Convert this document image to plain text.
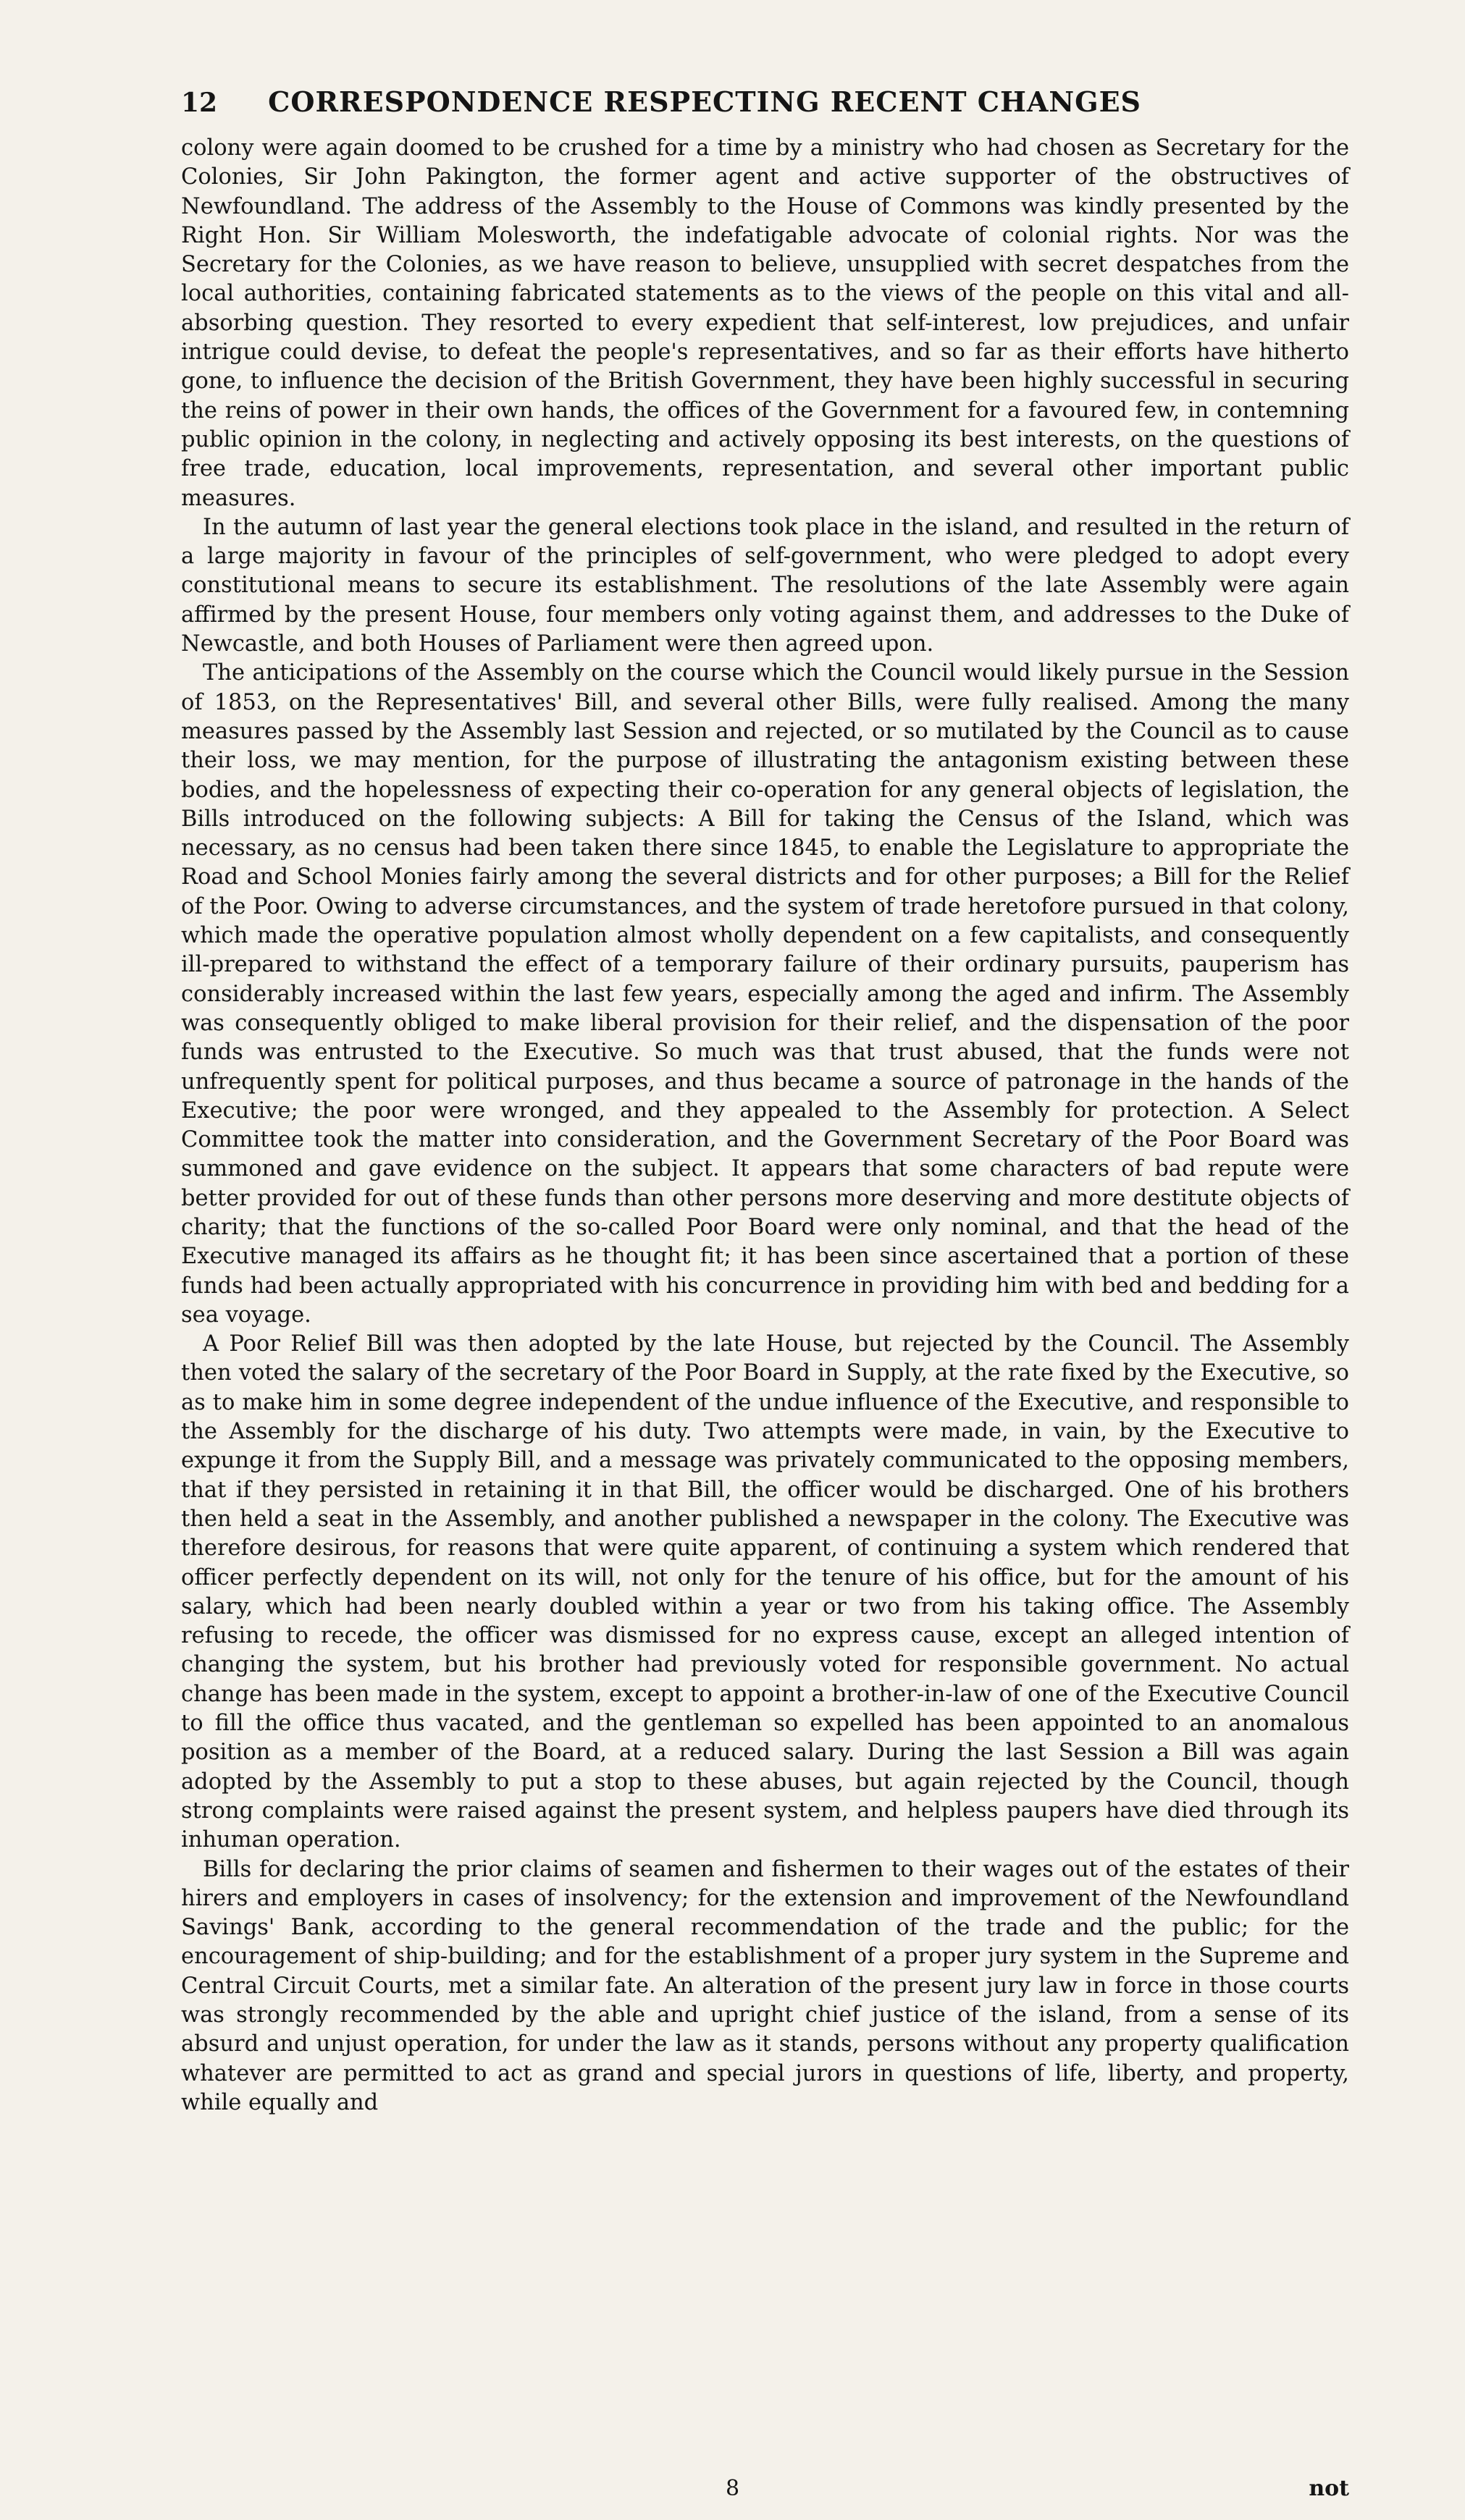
12 CORRESPONDENCE RESPECTING RECENT CHANGES

colony were again doomed to be crushed for a time by a ministry who had chosen as Secretary for the Colonies, Sir John Pakington, the former agent and active supporter of the obstructives of Newfoundland. The address of the Assembly to the House of Commons was kindly presented by the Right Hon. Sir William Molesworth, the indefatigable advocate of colonial rights. Nor was the Secretary for the Colonies, as we have reason to believe, unsupplied with secret despatches from the local authorities, containing fabricated statements as to the views of the people on this vital and all-absorbing question. They resorted to every expedient that self-interest, low prejudices, and unfair intrigue could devise, to defeat the people's representatives, and so far as their efforts have hitherto gone, to influence the decision of the British Government, they have been highly successful in securing the reins of power in their own hands, the offices of the Government for a favoured few, in contemning public opinion in the colony, in neglecting and actively opposing its best interests, on the questions of free trade, education, local improvements, representation, and several other important public measures.

In the autumn of last year the general elections took place in the island, and resulted in the return of a large majority in favour of the principles of self-government, who were pledged to adopt every constitutional means to secure its establishment. The resolutions of the late Assembly were again affirmed by the present House, four members only voting against them, and addresses to the Duke of Newcastle, and both Houses of Parliament were then agreed upon.

The anticipations of the Assembly on the course which the Council would likely pursue in the Session of 1853, on the Representatives' Bill, and several other Bills, were fully realised. Among the many measures passed by the Assembly last Session and rejected, or so mutilated by the Council as to cause their loss, we may mention, for the purpose of illustrating the antagonism existing between these bodies, and the hopelessness of expecting their co-operation for any general objects of legislation, the Bills introduced on the following subjects: A Bill for taking the Census of the Island, which was necessary, as no census had been taken there since 1845, to enable the Legislature to appropriate the Road and School Monies fairly among the several districts and for other purposes; a Bill for the Relief of the Poor. Owing to adverse circumstances, and the system of trade heretofore pursued in that colony, which made the operative population almost wholly dependent on a few capitalists, and consequently ill-prepared to withstand the effect of a temporary failure of their ordinary pursuits, pauperism has considerably increased within the last few years, especially among the aged and infirm. The Assembly was consequently obliged to make liberal provision for their relief, and the dispensation of the poor funds was entrusted to the Executive. So much was that trust abused, that the funds were not unfrequently spent for political purposes, and thus became a source of patronage in the hands of the Executive; the poor were wronged, and they appealed to the Assembly for protection. A Select Committee took the matter into consideration, and the Government Secretary of the Poor Board was summoned and gave evidence on the subject. It appears that some characters of bad repute were better provided for out of these funds than other persons more deserving and more destitute objects of charity; that the functions of the so-called Poor Board were only nominal, and that the head of the Executive managed its affairs as he thought fit; it has been since ascertained that a portion of these funds had been actually appropriated with his concurrence in providing him with bed and bedding for a sea voyage.

A Poor Relief Bill was then adopted by the late House, but rejected by the Council. The Assembly then voted the salary of the secretary of the Poor Board in Supply, at the rate fixed by the Executive, so as to make him in some degree independent of the undue influence of the Executive, and responsible to the Assembly for the discharge of his duty. Two attempts were made, in vain, by the Executive to expunge it from the Supply Bill, and a message was privately communicated to the opposing members, that if they persisted in retaining it in that Bill, the officer would be discharged. One of his brothers then held a seat in the Assembly, and another published a newspaper in the colony. The Executive was therefore desirous, for reasons that were quite apparent, of continuing a system which rendered that officer perfectly dependent on its will, not only for the tenure of his office, but for the amount of his salary, which had been nearly doubled within a year or two from his taking office. The Assembly refusing to recede, the officer was dismissed for no express cause, except an alleged intention of changing the system, but his brother had previously voted for responsible government. No actual change has been made in the system, except to appoint a brother-in-law of one of the Executive Council to fill the office thus vacated, and the gentleman so expelled has been appointed to an anomalous position as a member of the Board, at a reduced salary. During the last Session a Bill was again adopted by the Assembly to put a stop to these abuses, but again rejected by the Council, though strong complaints were raised against the present system, and helpless paupers have died through its inhuman operation.

Bills for declaring the prior claims of seamen and fishermen to their wages out of the estates of their hirers and employers in cases of insolvency; for the extension and improvement of the Newfoundland Savings' Bank, according to the general recommendation of the trade and the public; for the encouragement of ship-building; and for the establishment of a proper jury system in the Supreme and Central Circuit Courts, met a similar fate. An alteration of the present jury law in force in those courts was strongly recommended by the able and upright chief justice of the island, from a sense of its absurd and unjust operation, for under the law as it stands, persons without any property qualification whatever are permitted to act as grand and special jurors in questions of life, liberty, and property, while equally and

8	not
